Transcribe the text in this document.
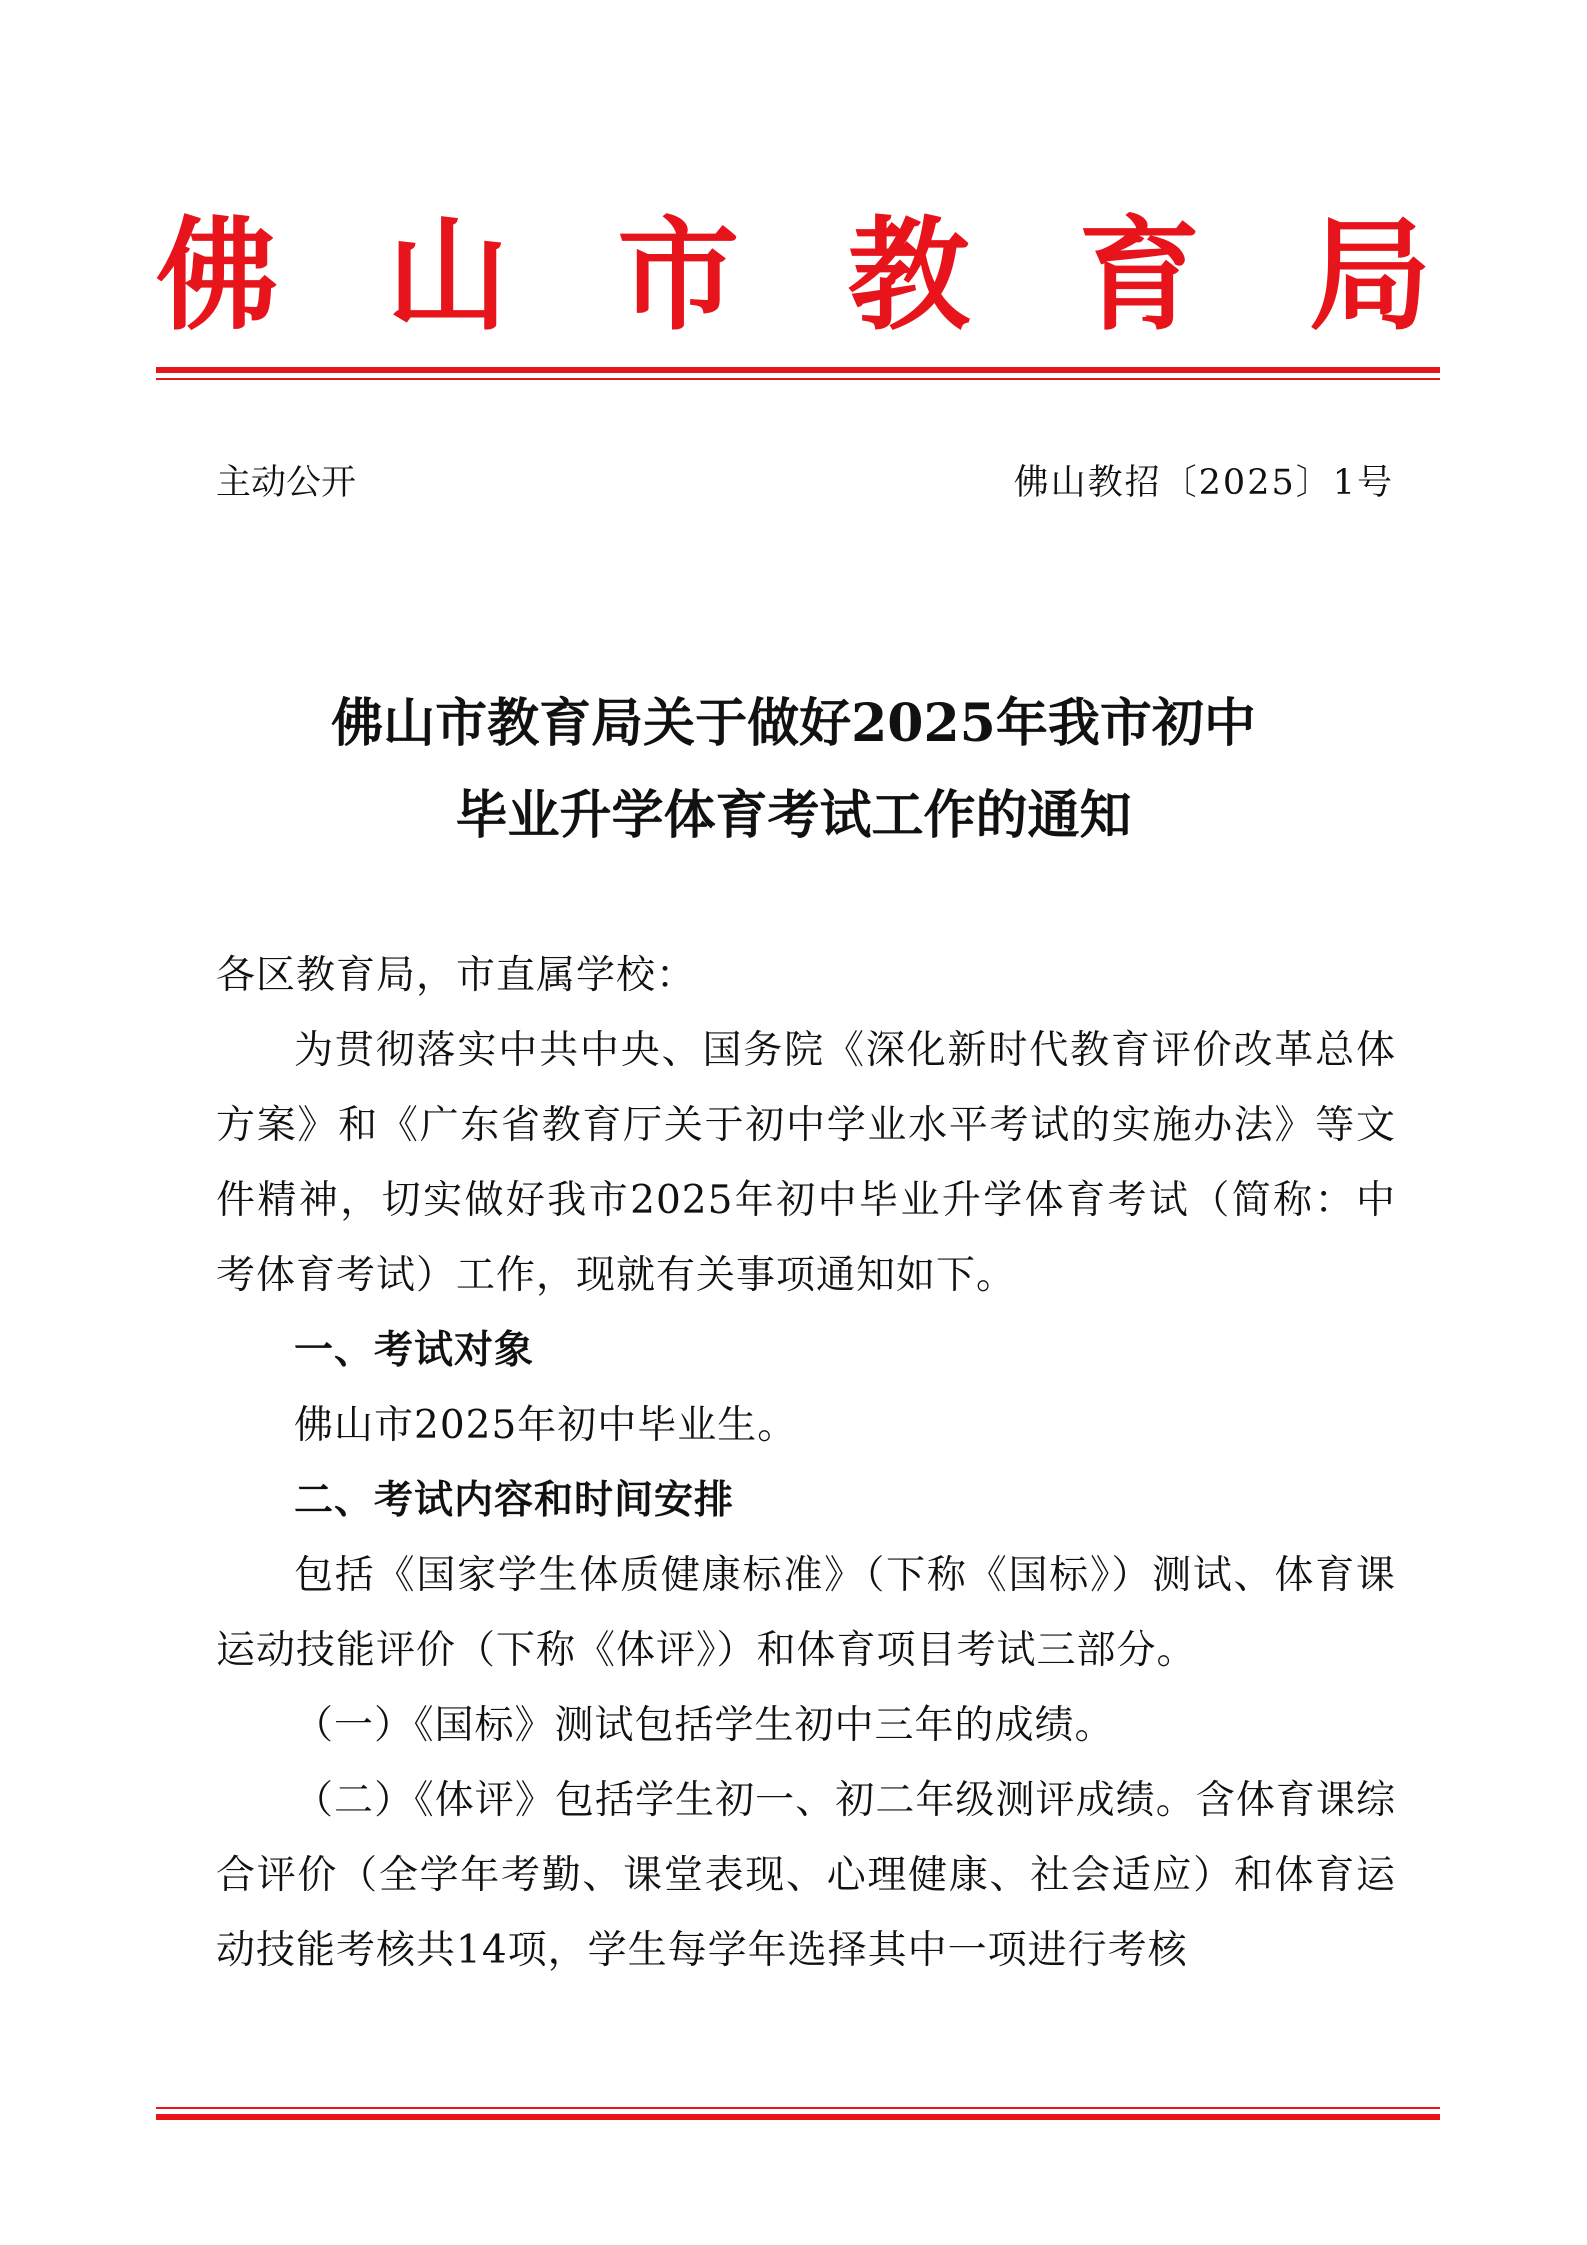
佛 山 市 教 育 局
主动公开	佛山教招〔2025〕1号
佛山市教育局关于做好2025年我市初中
毕业升学体育考试工作的通知

各区教育局，市直属学校：

为贯彻落实中共中央、国务院《深化新时代教育评价改革总体方案》和《广东省教育厅关于初中学业水平考试的实施办法》等文件精神，切实做好我市2025年初中毕业升学体育考试（简称：中考体育考试）工作，现就有关事项通知如下。

一、考试对象

佛山市2025年初中毕业生。

二、考试内容和时间安排

包括《国家学生体质健康标准》（下称《国标》）测试、体育课运动技能评价（下称《体评》）和体育项目考试三部分。

（一）《国标》测试包括学生初中三年的成绩。

（二）《体评》包括学生初一、初二年级测评成绩。含体育课综合评价（全学年考勤、课堂表现、心理健康、社会适应）和体育运动技能考核共14项，学生每学年选择其中一项进行考核
